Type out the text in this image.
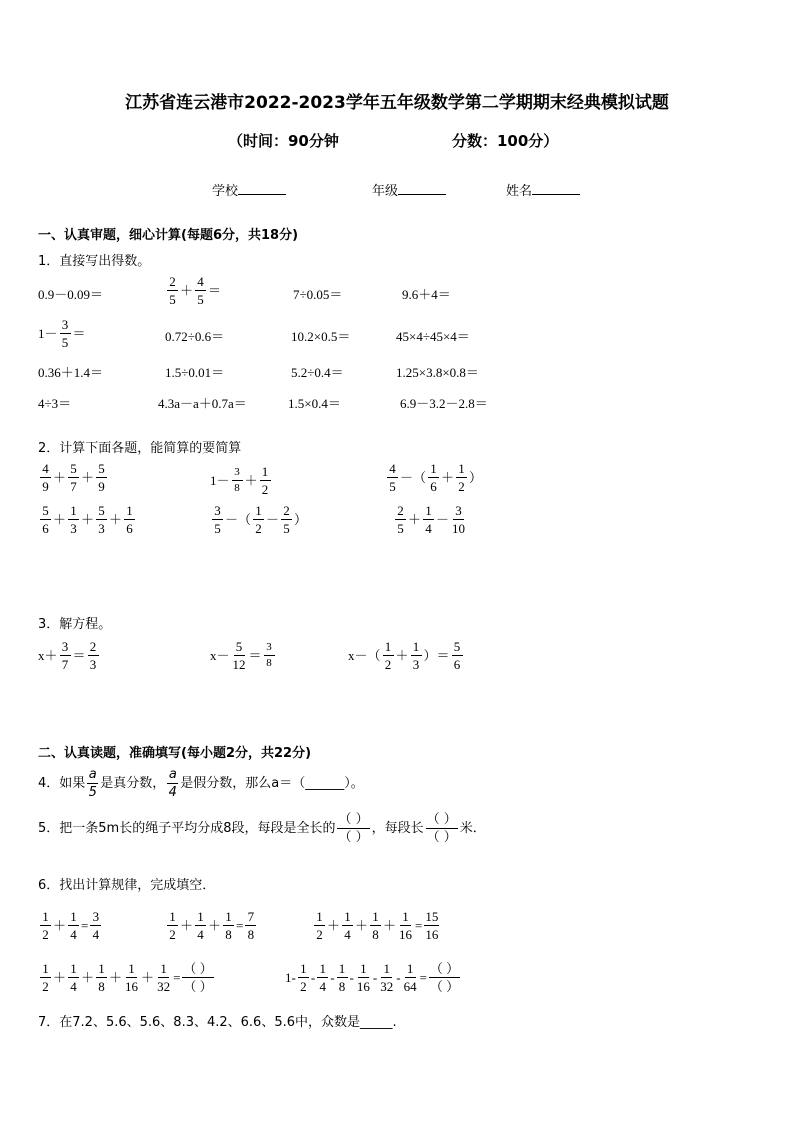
江苏省连云港市2022-2023学年五年级数学第二学期期末经典模拟试题
（时间：90分钟	分数：100分）
学校	年级	姓名
一、认真审题，细心计算(每题6分，共18分)
1．直接写出得数。
0.9－0.09＝	$\frac{2}{5} + \frac{4}{5}$ ＝	7÷0.05＝	9.6＋4＝
$1- \frac{3}{5}$ ＝	0.72÷0.6＝	10.2×0.5＝	45×4÷45×4＝
0.36＋1.4＝	1.5÷0.01＝	5.2÷0.4＝	1.25×3.8×0.8＝
4÷3＝	4.3a－a＋0.7a＝	1.5×0.4＝	6.9－3.2－2.8＝
2．计算下面各题，能简算的要简算
$\frac{4}{9} + \frac{5}{7} + \frac{5}{9}$	$1- \frac{3}{8} + \frac{1}{2}$	$\frac{4}{5}$ －（ $\frac{1}{6} + \frac{1}{2}$ ）
$\frac{5}{6} + \frac{1}{3} + \frac{5}{3} + \frac{1}{6}$	$\frac{3}{5}$ －（ $\frac{1}{2} - \frac{2}{5}$ ）	$\frac{2}{5} + \frac{1}{4} - \frac{3}{10}$
3．解方程。
$x+ \frac{3}{7} = \frac{2}{3}$	$x- \frac{5}{12} = \frac{3}{8}$	$x-( \frac{1}{2} + \frac{1}{3}$ ）＝ $\frac{5}{6}$
二、认真读题，准确填写(每小题2分，共22分)
4．如果 $\frac{a}{5}$ 是真分数， $\frac{a}{4}$ 是假分数，那么a＝（ ______ ）。
5．把一条5m长的绳子平均分成8段，每段是全长的 $\frac{( )}{( )}$ ，每段长 $\frac{( )}{( )}$ 米．
6．找出计算规律，完成填空．
$\frac{1}{2} + \frac{1}{4} = \frac{3}{4}$	$\frac{1}{2} + \frac{1}{4} + \frac{1}{8} = \frac{7}{8}$	$\frac{1}{2} + \frac{1}{4} + \frac{1}{8} + \frac{1}{16} = \frac{15}{16}$
$\frac{1}{2} + \frac{1}{4} + \frac{1}{8} + \frac{1}{16} + \frac{1}{32} = \frac{( )}{( )}$	$1- \frac{1}{2} - \frac{1}{4} - \frac{1}{8} - \frac{1}{16} - \frac{1}{32} - \frac{1}{64} = \frac{( )}{( )}$
7．在7.2、5.6、5.6、8.3、4.2、6.6、5.6中，众数是_____.
